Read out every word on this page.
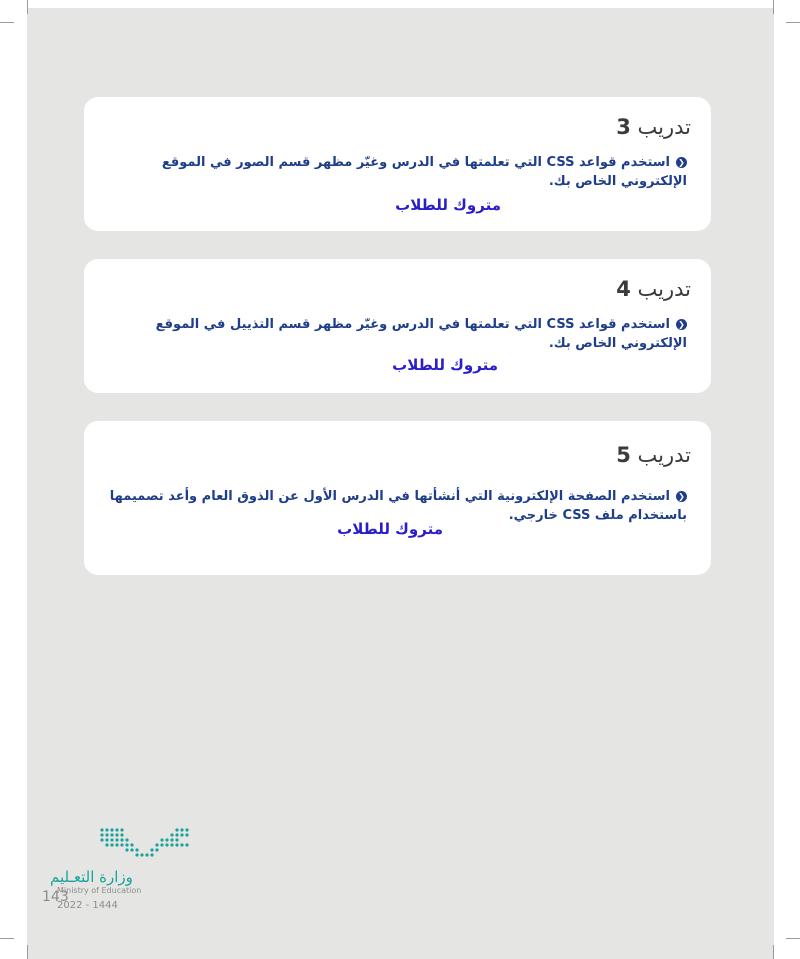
تدريب 3
❮استخدم قواعد CSS التي تعلمتها في الدرس وغيّر مظهر قسم الصور في الموقع الإلكتروني الخاص بك.
متروك للطلاب
تدريب 4
❮استخدم قواعد CSS التي تعلمتها في الدرس وغيّر مظهر قسم التذييل في الموقع الإلكتروني الخاص بك.
متروك للطلاب
تدريب 5
❮استخدم الصفحة الإلكترونية التي أنشأتها في الدرس الأول عن الذوق العام وأعد تصميمها باستخدام ملف CSS خارجي.
متروك للطلاب
وزارة التعـليم
Ministry of Education
143
2022 - 1444
